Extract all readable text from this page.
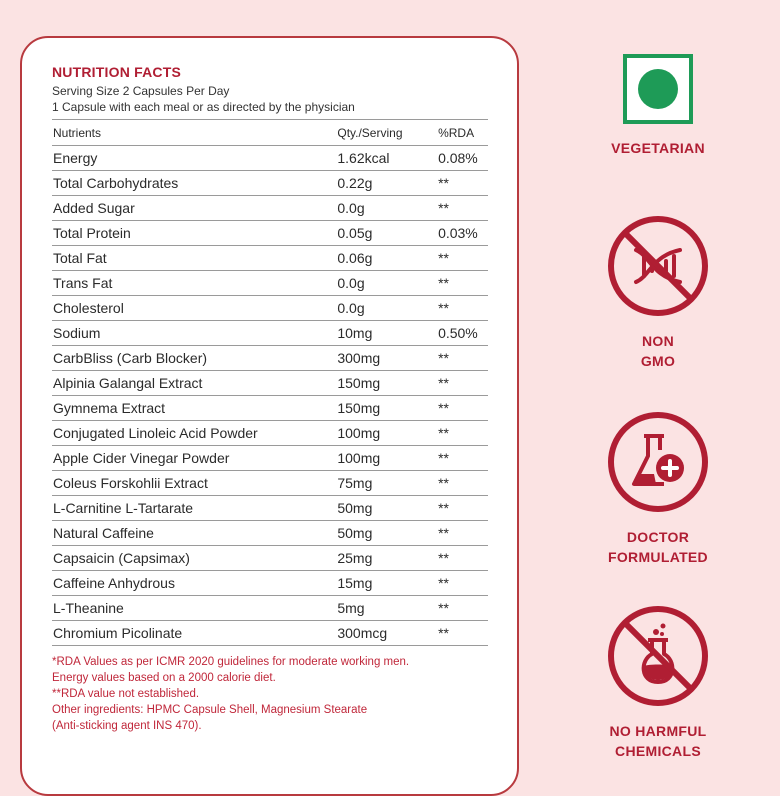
NUTRITION FACTS
Serving Size 2 Capsules Per Day
1 Capsule with each meal or as directed by the physician
Nutrients	Qty./Serving	%RDA
Energy	1.62kcal	0.08%
Total Carbohydrates	0.22g	**
Added Sugar	0.0g	**
Total Protein	0.05g	0.03%
Total Fat	0.06g	**
Trans Fat	0.0g	**
Cholesterol	0.0g	**
Sodium	10mg	0.50%
CarbBliss (Carb Blocker)	300mg	**
Alpinia Galangal Extract	150mg	**
Gymnema Extract	150mg	**
Conjugated Linoleic Acid Powder	100mg	**
Apple Cider Vinegar Powder	100mg	**
Coleus Forskohlii Extract	75mg	**
L-Carnitine L-Tartarate	50mg	**
Natural Caffeine	50mg	**
Capsaicin (Capsimax)	25mg	**
Caffeine Anhydrous	15mg	**
L-Theanine	5mg	**
Chromium Picolinate	300mcg	**
*RDA Values as per ICMR 2020 guidelines for moderate working men.
Energy values based on a 2000 calorie diet.
**RDA value not established.
Other ingredients: HPMC Capsule Shell, Magnesium Stearate
(Anti-sticking agent INS 470).
VEGETARIAN
NON
GMO
DOCTOR
FORMULATED
NO HARMFUL
CHEMICALS
